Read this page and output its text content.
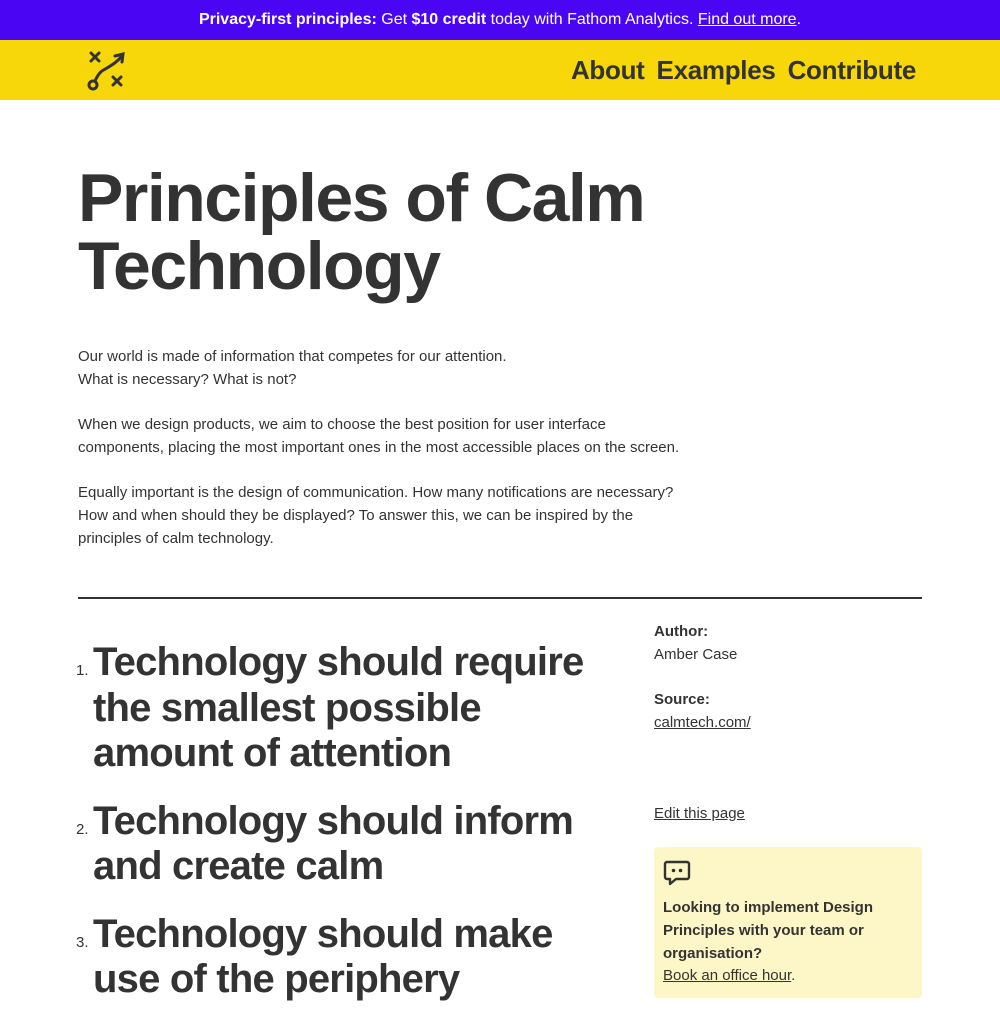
Privacy-first principles: Get $10 credit today with Fathom Analytics. Find out more.
About Examples Contribute
Principles of Calm
Technology

Our world is made of information that competes for our attention.
What is necessary? What is not?

When we design products, we aim to choose the best position for user interface components, placing the most important ones in the most accessible places on the screen.

Equally important is the design of communication. How many notifications are necessary? How and when should they be displayed? To answer this, we can be inspired by the principles of calm technology.

1. Technology should require the smallest possible amount of attention
2. Technology should inform and create calm
3. Technology should make use of the periphery
Author:
Amber Case
Source:
calmtech.com/
Edit this page
Looking to implement Design Principles with your team or organisation?
Book an office hour.
